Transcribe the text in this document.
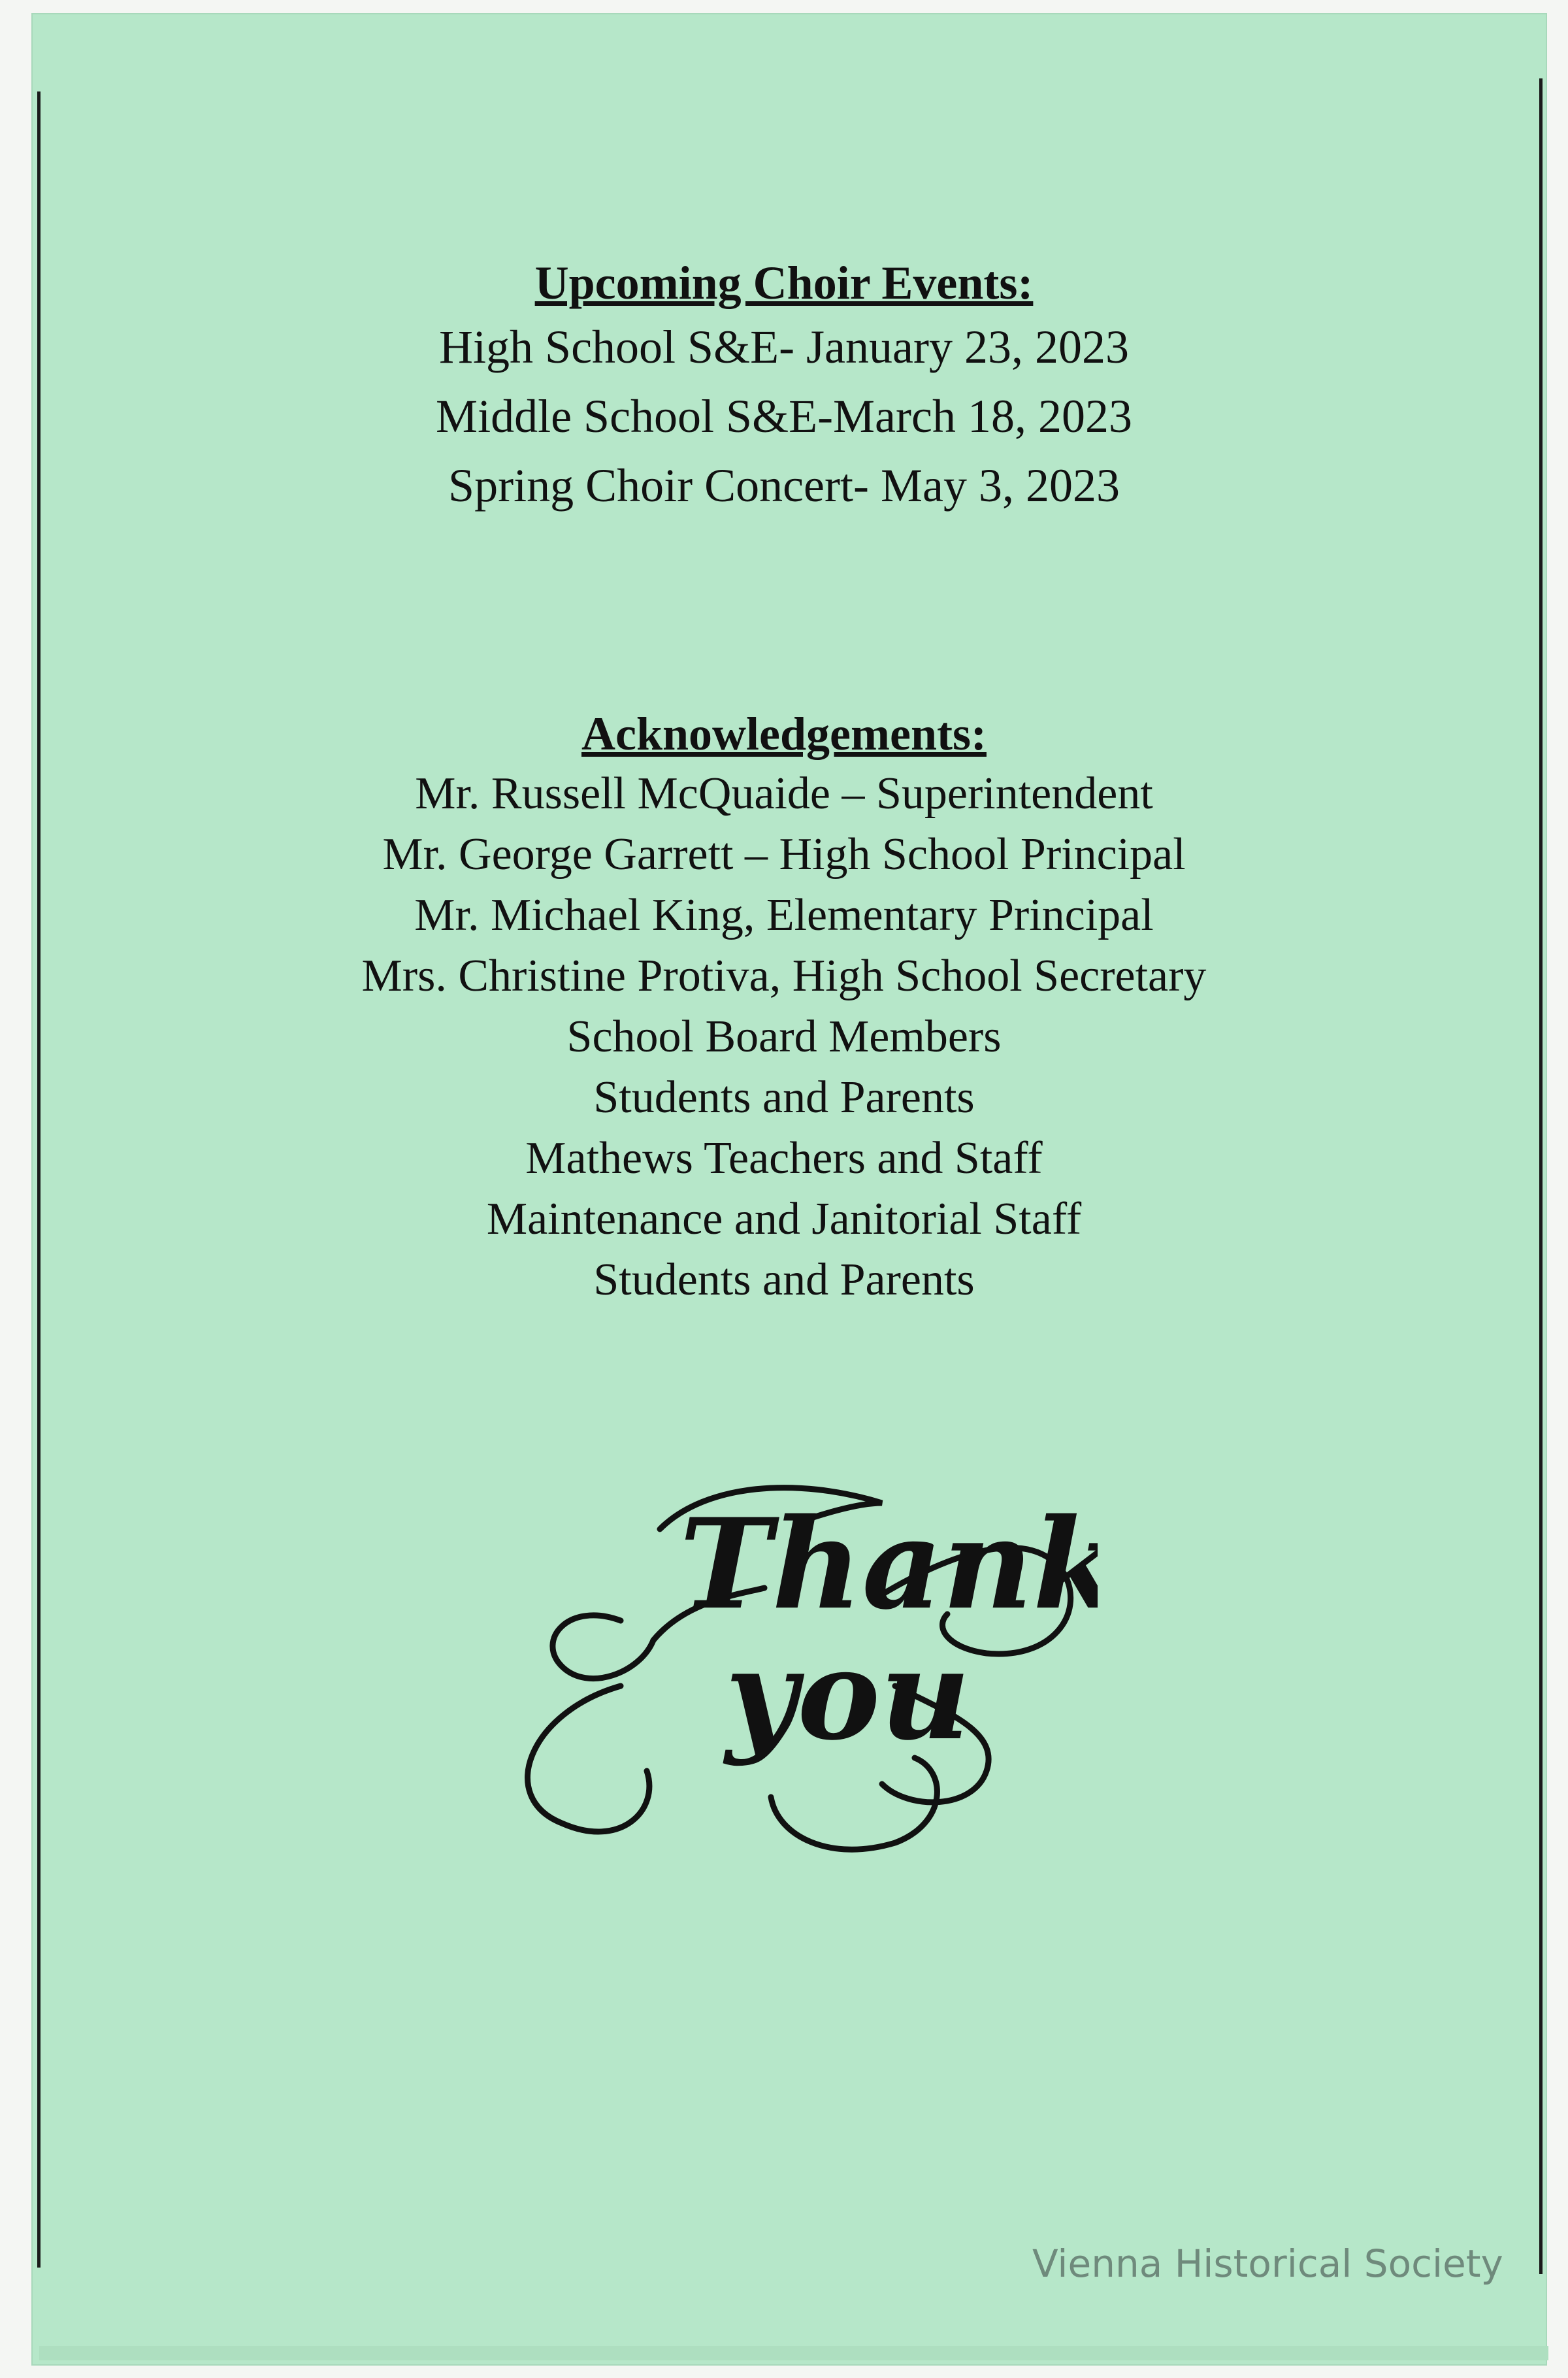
Upcoming Choir Events:

High School S&E- January 23, 2023

Middle School S&E-March 18, 2023

Spring Choir Concert- May 3, 2023

Acknowledgements:

Mr. Russell McQuaide – Superintendent

Mr. George Garrett – High School Principal

Mr. Michael King, Elementary Principal

Mrs. Christine Protiva, High School Secretary

School Board Members

Students and Parents

Mathews Teachers and Staff

Maintenance and Janitorial Staff

Students and Parents

Thank
you
Vienna Historical Society
